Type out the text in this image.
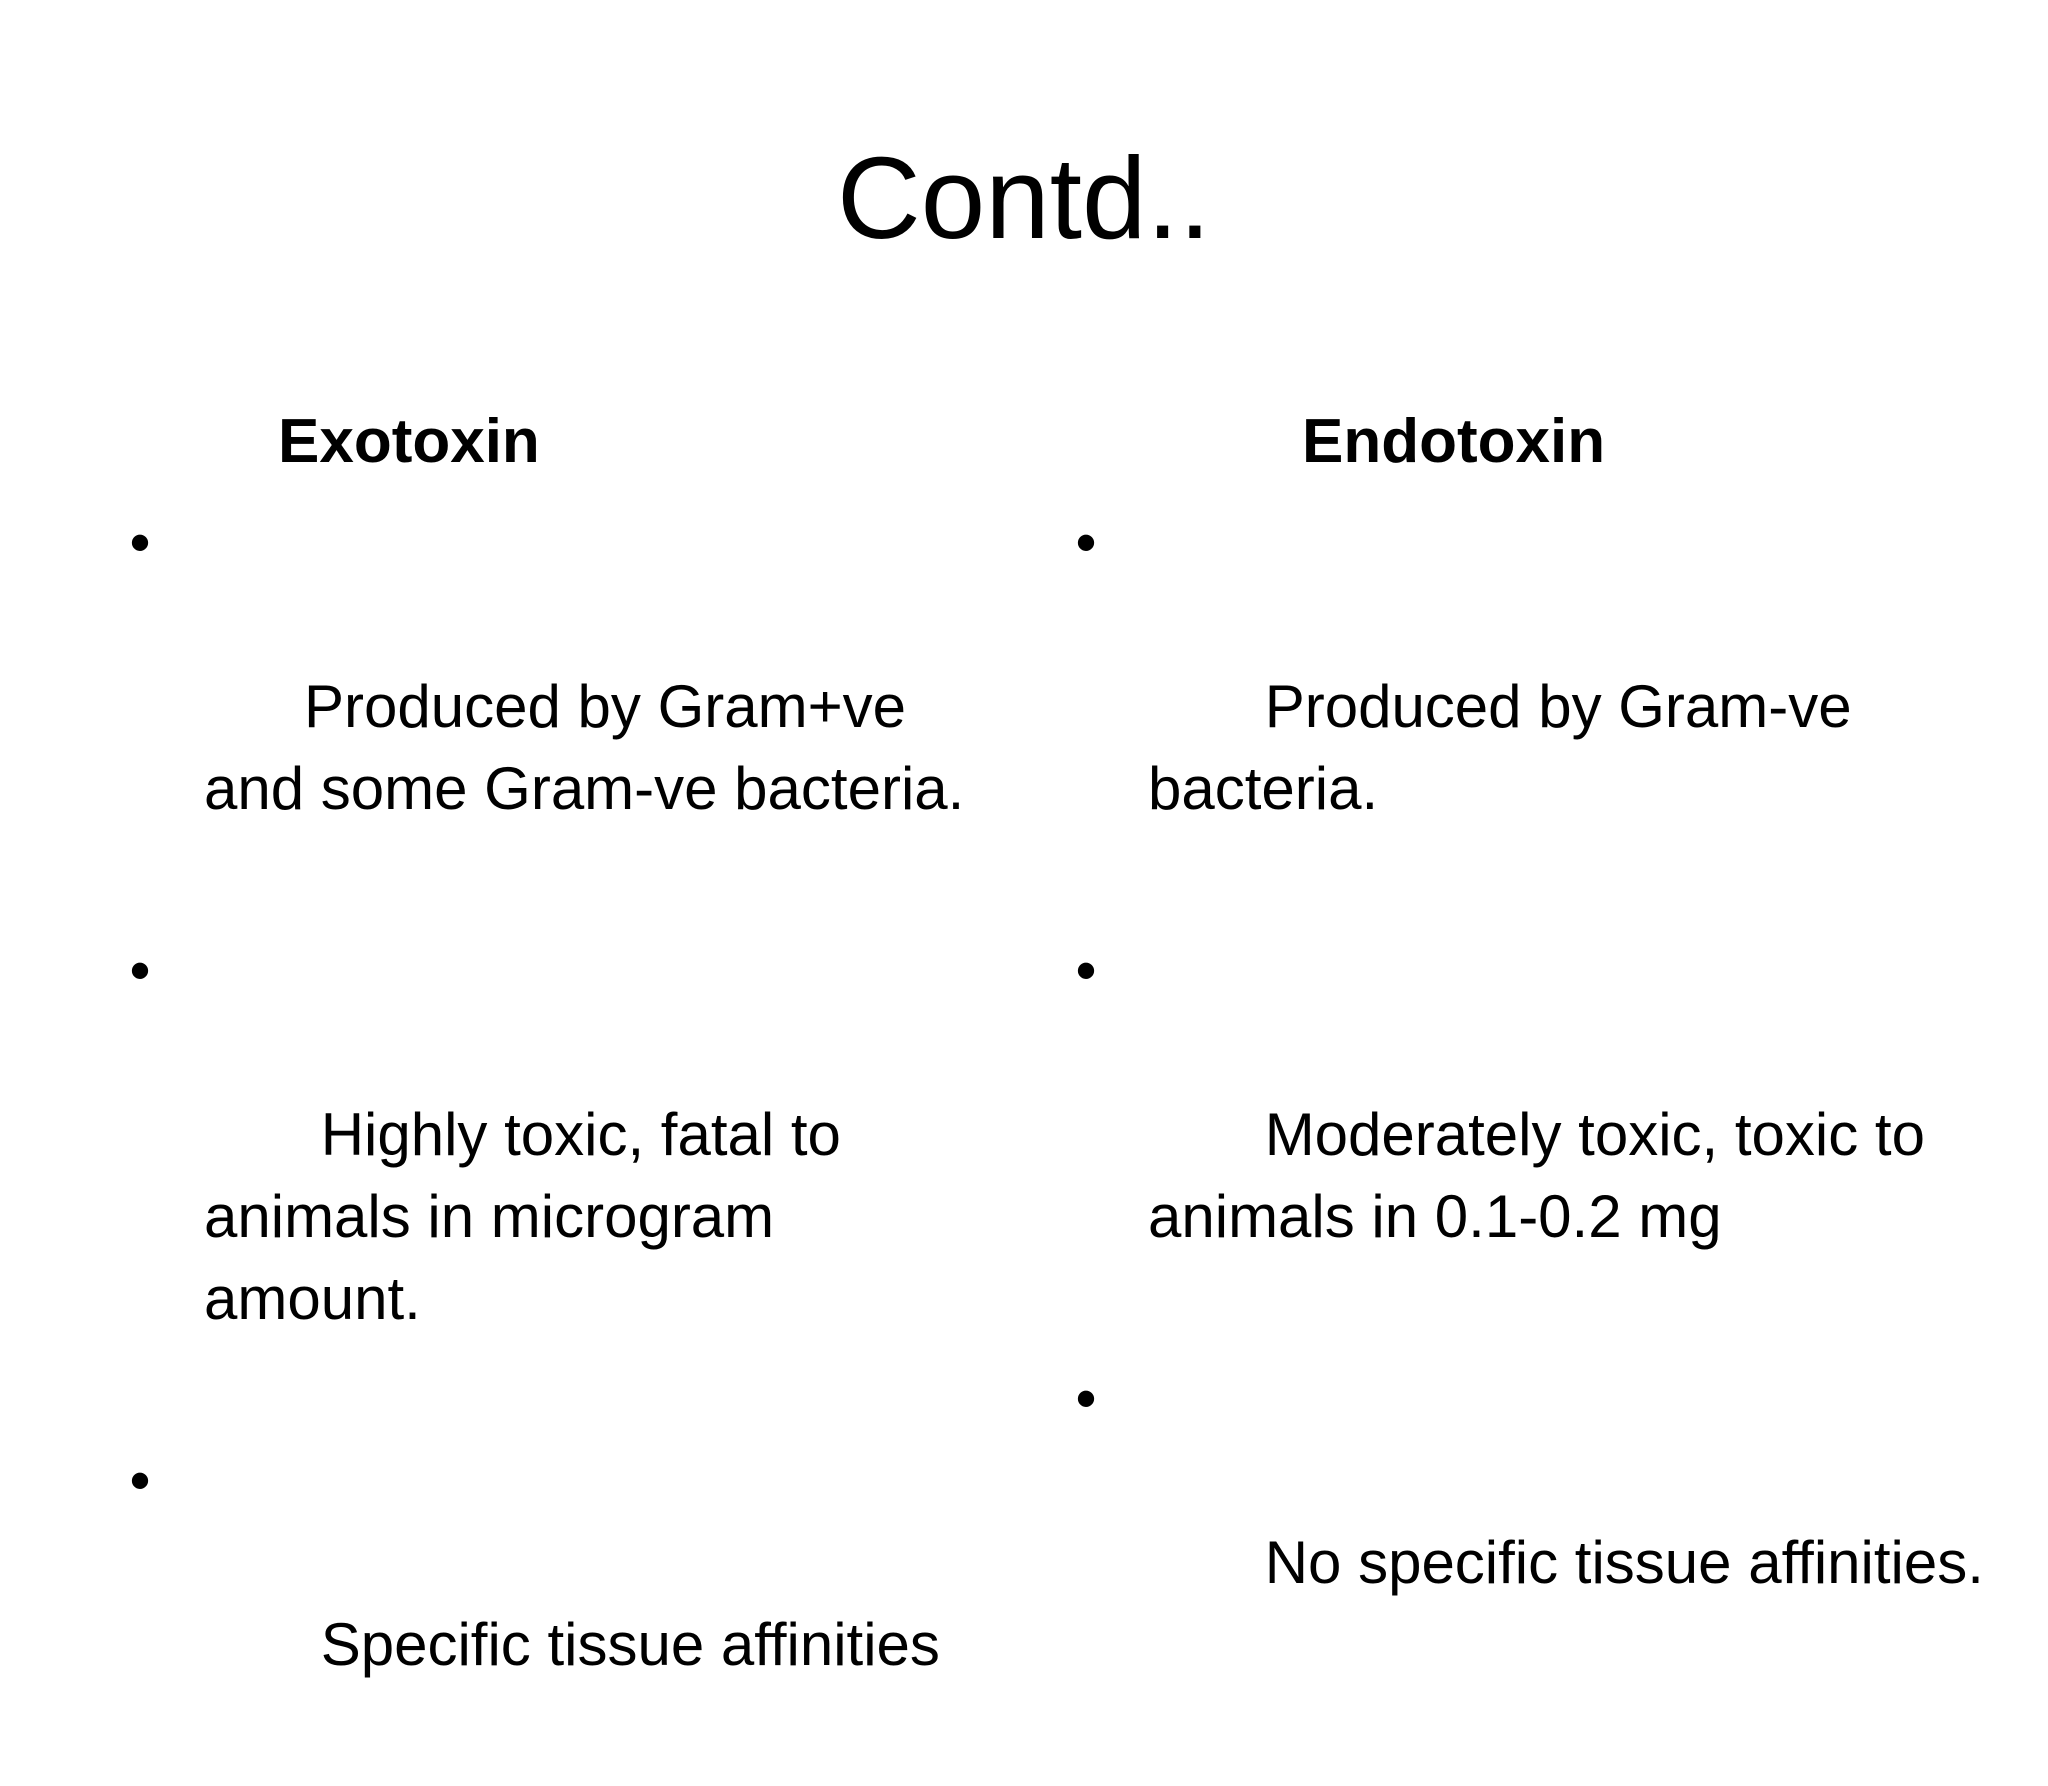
Contd..
Exotoxin	Endotoxin

•

Produced by Gram+ve and some Gram-ve bacteria.

•

Highly toxic, fatal to animals in microgram amount.

•

Specific tissue affinities

•

Produced by Gram-ve bacteria.

•

Moderately toxic, toxic to animals in 0.1-0.2 mg

•

No specific tissue affinities.
